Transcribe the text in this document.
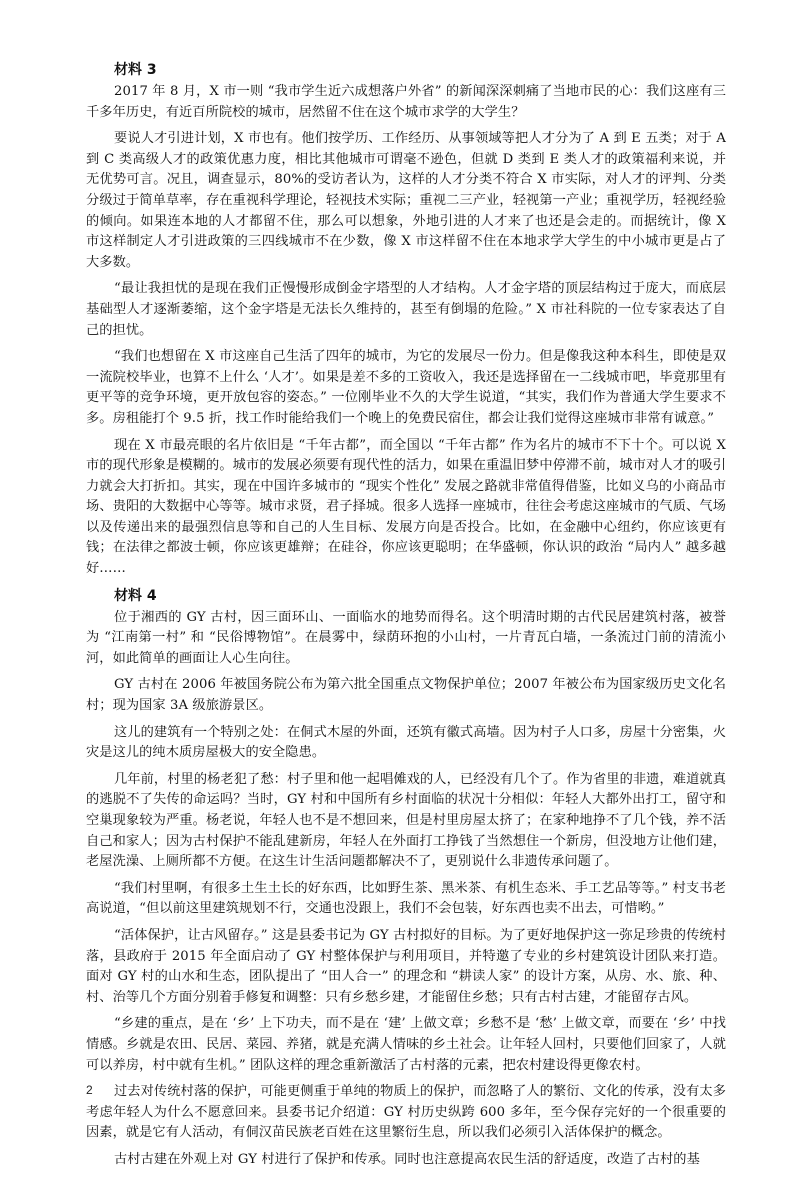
材料 3

2017 年 8 月，X 市一则 “我市学生近六成想落户外省” 的新闻深深刺痛了当地市民的心：我们这座有三千多年历史，有近百所院校的城市，居然留不住在这个城市求学的大学生？

要说人才引进计划，X 市也有。他们按学历、工作经历、从事领域等把人才分为了 A 到 E 五类；对于 A 到 C 类高级人才的政策优惠力度，相比其他城市可谓毫不逊色，但就 D 类到 E 类人才的政策福利来说，并无优势可言。况且，调查显示，80%的受访者认为，这样的人才分类不符合 X 市实际，对人才的评判、分类分级过于简单草率，存在重视科学理论，轻视技术实际；重视二三产业，轻视第一产业；重视学历，轻视经验的倾向。如果连本地的人才都留不住，那么可以想象，外地引进的人才来了也还是会走的。而据统计，像 X 市这样制定人才引进政策的三四线城市不在少数，像 X 市这样留不住在本地求学大学生的中小城市更是占了大多数。

“最让我担忧的是现在我们正慢慢形成倒金字塔型的人才结构。人才金字塔的顶层结构过于庞大，而底层基础型人才逐渐萎缩，这个金字塔是无法长久维持的，甚至有倒塌的危险。” X 市社科院的一位专家表达了自己的担忧。

“我们也想留在 X 市这座自己生活了四年的城市，为它的发展尽一份力。但是像我这种本科生，即使是双一流院校毕业，也算不上什么 ‘人才’。如果是差不多的工资收入，我还是选择留在一二线城市吧，毕竟那里有更平等的竞争环境，更开放包容的姿态。” 一位刚毕业不久的大学生说道，“其实，我们作为普通大学生要求不多。房租能打个 9.5 折，找工作时能给我们一个晚上的免费民宿住，都会让我们觉得这座城市非常有诚意。”

现在 X 市最亮眼的名片依旧是 “千年古都”，而全国以 “千年古都” 作为名片的城市不下十个。可以说 X 市的现代形象是模糊的。城市的发展必须要有现代性的活力，如果在重温旧梦中停滞不前，城市对人才的吸引力就会大打折扣。其实，现在中国许多城市的 “现实个性化” 发展之路就非常值得借鉴，比如义乌的小商品市场、贵阳的大数据中心等等。城市求贤，君子择城。很多人选择一座城市，往往会考虑这座城市的气质、气场以及传递出来的最强烈信息等和自己的人生目标、发展方向是否投合。比如，在金融中心纽约，你应该更有钱；在法律之都波士顿，你应该更雄辩；在硅谷，你应该更聪明；在华盛顿，你认识的政治 “局内人” 越多越好……

材料 4

位于湘西的 GY 古村，因三面环山、一面临水的地势而得名。这个明清时期的古代民居建筑村落，被誉为 “江南第一村” 和 “民俗博物馆”。在晨雾中，绿荫环抱的小山村，一片青瓦白墙，一条流过门前的清流小河，如此简单的画面让人心生向往。

GY 古村在 2006 年被国务院公布为第六批全国重点文物保护单位；2007 年被公布为国家级历史文化名村；现为国家 3A 级旅游景区。

这儿的建筑有一个特别之处：在侗式木屋的外面，还筑有徽式高墙。因为村子人口多，房屋十分密集，火灾是这儿的纯木质房屋极大的安全隐患。

几年前，村里的杨老犯了愁：村子里和他一起唱傩戏的人，已经没有几个了。作为省里的非遗，难道就真的逃脱不了失传的命运吗？当时，GY 村和中国所有乡村面临的状况十分相似：年轻人大都外出打工，留守和空巢现象较为严重。杨老说，年轻人也不是不想回来，但是村里房屋太挤了；在家种地挣不了几个钱，养不活自己和家人；因为古村保护不能乱建新房，年轻人在外面打工挣钱了当然想住一个新房，但没地方让他们建，老屋洗澡、上厕所都不方便。在这生计生活问题都解决不了，更别说什么非遗传承问题了。

“我们村里啊，有很多土生土长的好东西，比如野生茶、黑米茶、有机生态米、手工艺品等等。” 村支书老高说道，“但以前这里建筑规划不行，交通也没跟上，我们不会包装，好东西也卖不出去，可惜哟。”

“活体保护，让古风留存。” 这是县委书记为 GY 古村拟好的目标。为了更好地保护这一弥足珍贵的传统村落，县政府于 2015 年全面启动了 GY 村整体保护与利用项目，并特邀了专业的乡村建筑设计团队来打造。面对 GY 村的山水和生态，团队提出了 “田人合一” 的理念和 “耕读人家” 的设计方案，从房、水、旅、种、村、治等几个方面分别着手修复和调整：只有乡愁乡建，才能留住乡愁；只有古村古建，才能留存古风。

“乡建的重点，是在 ‘乡’ 上下功夫，而不是在 ‘建’ 上做文章；乡愁不是 ‘愁’ 上做文章，而要在 ‘乡’ 中找情感。乡就是农田、民居、菜园、养猪，就是充满人情味的乡土社会。让年轻人回村，只要他们回家了，人就可以养房，村中就有生机。” 团队这样的理念重新激活了古村落的元素，把农村建设得更像农村。

过去对传统村落的保护，可能更侧重于单纯的物质上的保护，而忽略了人的繁衍、文化的传承，没有太多考虑年轻人为什么不愿意回来。县委书记介绍道：GY 村历史纵跨 600 多年，至今保存完好的一个很重要的因素，就是它有人活动，有侗汉苗民族老百姓在这里繁衍生息，所以我们必须引入活体保护的概念。

古村古建在外观上对 GY 村进行了保护和传承。同时也注意提高农民生活的舒适度，改造了古村的基

2
